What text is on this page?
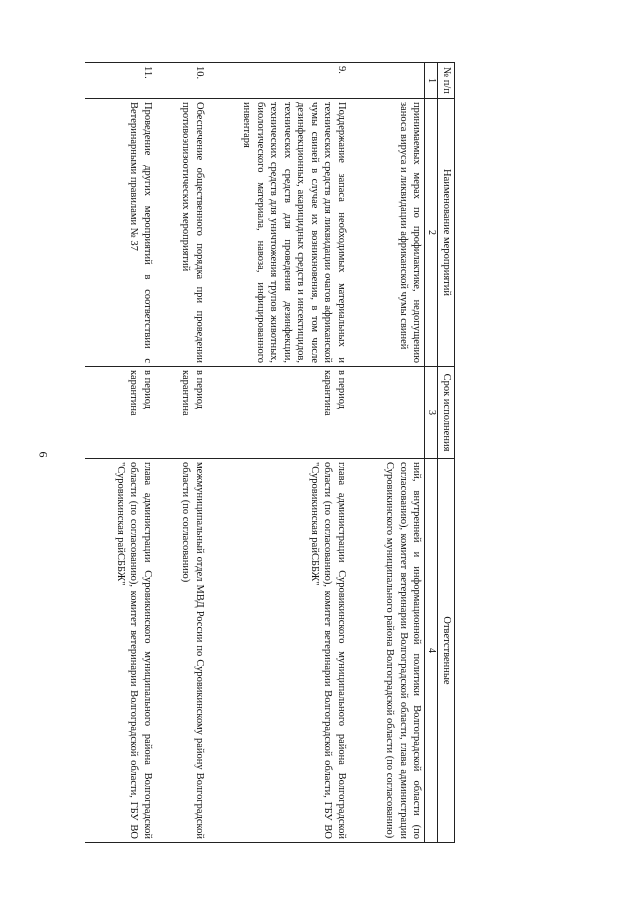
6
№ п/п	Наименование мероприятий	Срок исполнения	Ответственные
1	2	3	4
	принимаемых мерах по профилактике, недопущению заноса вируса и ликвидации африканской чумы свиней		ний, внутренней и информационной политики Волгоградской области (по согласованию), комитет ветеринарии Волгоградской области, глава администрации Суровикинского муниципального района Волгоградской области (по согласованию)
9.	Поддержание запаса необходимых материальных и технических средств для ликвидации очагов африканской чумы свиней в случае их возникновения, в том числе дезинфекционных, акарицидных средств и инсектицидов, технических средств для проведения дезинфекции, технических средств для уничтожения трупов животных, биологического материала, навоза, инфицированного инвентаря	в период карантина	глава администрации Суровикинского муниципального района Волгоградской области (по согласованию), комитет ветеринарии Волгоградской области, ГБУ ВО "Суровикинская райСББЖ"
10.	Обеспечение общественного порядка при проведении противоэпизоотических мероприятий	в период карантина	межмуниципальный отдел МВД России по Суровикинскому району Волгоградской области (по согласованию)
11.	Проведение других мероприятий в соответствии с Ветеринарными правилами № 37	в период карантина	глава администрации Суровикинского муниципального района Волгоградской области (по согласованию), комитет ветеринарии Волгоградской области, ГБУ ВО "Суровикинская райСББЖ"
